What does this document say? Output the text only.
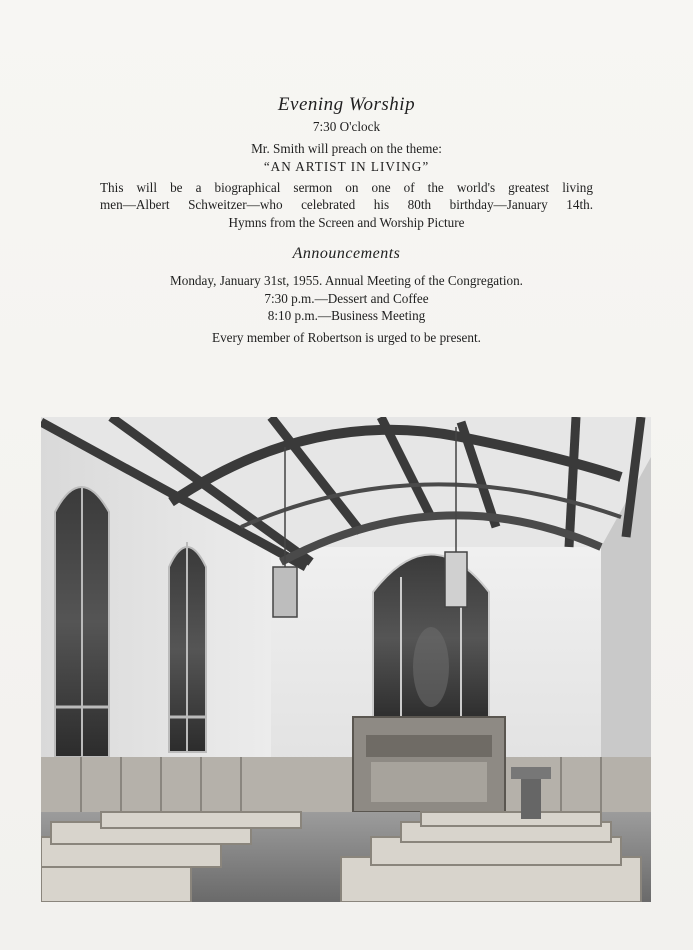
Evening Worship
7:30 O'clock
Mr. Smith will preach on the theme:
“AN ARTIST IN LIVING”
This will be a biographical sermon on one of the world's greatest living
men—Albert Schweitzer—who celebrated his 80th birthday—January 14th.
Hymns from the Screen and Worship Picture
Announcements
Monday, January 31st, 1955. Annual Meeting of the Congregation.
7:30 p.m.—Dessert and Coffee
8:10 p.m.—Business Meeting
Every member of Robertson is urged to be present.
